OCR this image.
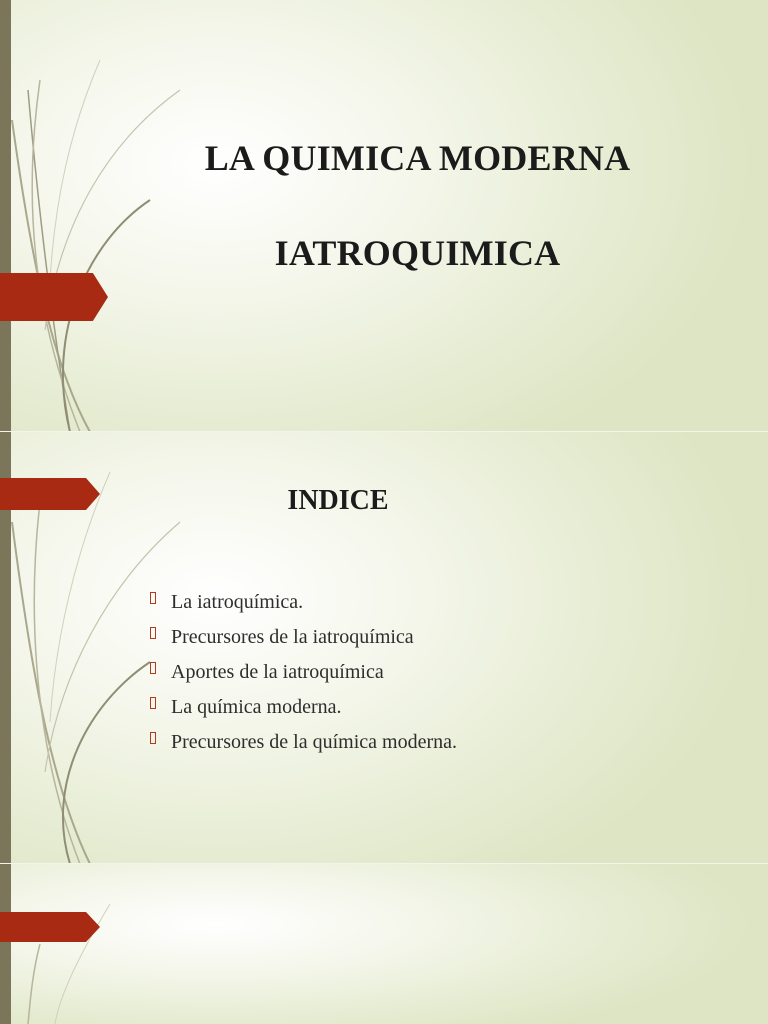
LA QUIMICA MODERNA
IATROQUIMICA
INDICE
La iatroquímica.
Precursores de la iatroquímica
Aportes de la iatroquímica
La química moderna.
Precursores de la química moderna.
